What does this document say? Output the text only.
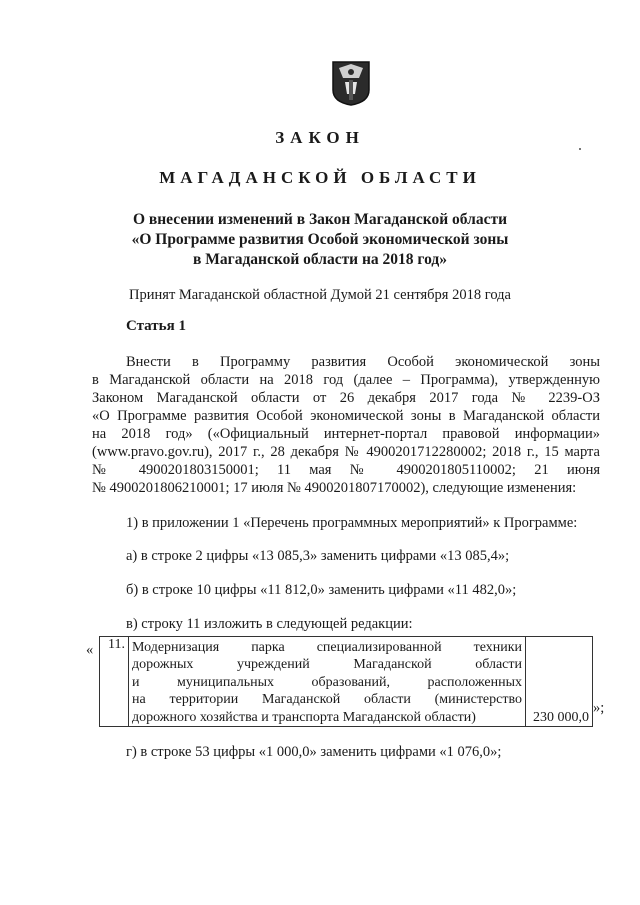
ЗАКОН
МАГАДАНСКОЙ ОБЛАСТИ
О внесении изменений в Закон Магаданской области
«О Программе развития Особой экономической зоны
в Магаданской области на 2018 год»
Принят Магаданской областной Думой 21 сентября 2018 года
Статья 1
Внести в Программу развития Особой экономической зоны
в Магаданской области на 2018 год (далее – Программа), утвержденную
Законом Магаданской области от 26 декабря 2017 года № 2239-ОЗ
«О Программе развития Особой экономической зоны в Магаданской области
на 2018 год» («Официальный интернет-портал правовой информации»
(www.pravo.gov.ru), 2017 г., 28 декабря № 4900201712280002; 2018 г., 15 марта
№ 4900201803150001; 11 мая № 4900201805110002; 21 июня
№ 4900201806210001; 17 июля № 4900201807170002), следующие изменения:
1) в приложении 1 «Перечень программных мероприятий» к Программе:
а) в строке 2 цифры «13 085,3» заменить цифрами «13 085,4»;
б) в строке 10 цифры «11 812,0» заменить цифрами «11 482,0»;
в) строку 11 изложить в следующей редакции:
« 11.	Модернизация парка специализированной техники
дорожных учреждений Магаданской области
и муниципальных образований, расположенных
на территории Магаданской области (министерство
дорожного хозяйства и транспорта Магаданской области)	230 000,0
»;
г) в строке 53 цифры «1 000,0» заменить цифрами «1 076,0»;
